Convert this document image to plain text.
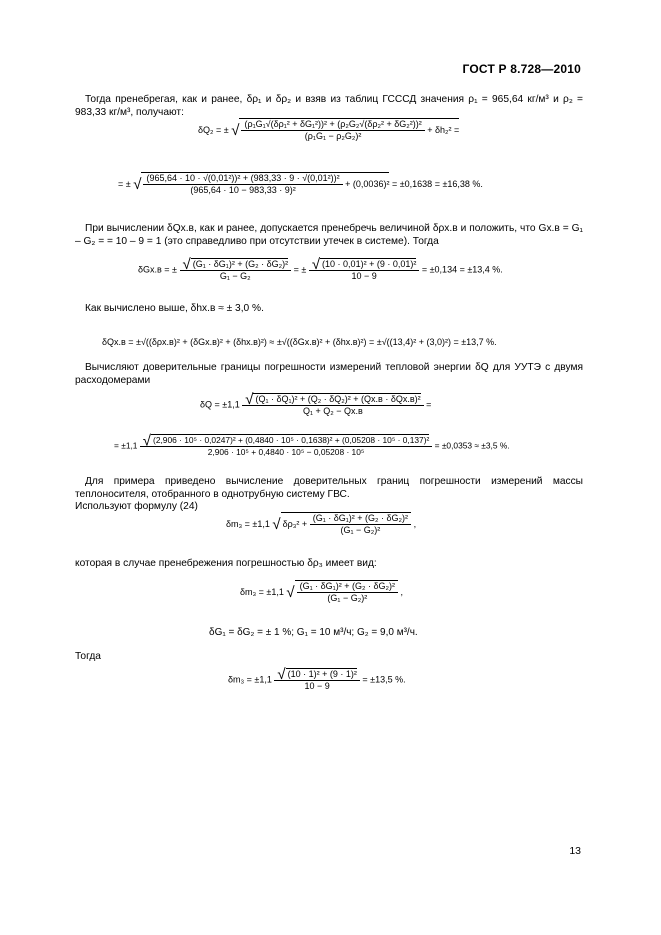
ГОСТ Р 8.728—2010

Тогда пренебрегая, как и ранее, δρ₁ и δρ₂ и взяв из таблиц ГСССД значения ρ₁ = 965,64 кг/м³ и ρ₂ = 983,33 кг/м³, получают:

δQ₂ = ± √ $\frac{\text{(ρ₁G₁√(δρ₁² + δG₁²))² + (ρ₂G₂√(δρ₂² + δG₂²))²}}{\text{(ρ₁G₁ − ρ₂G₂)²}} + \delta h_2^2$ =
= ± √ $\frac{\text{(965,64 · 10 · √(0,01²))² + (983,33 · 9 · √(0,01²))²}}{\text{(965,64 · 10 − 983,33 · 9)²}} + (0,0036)^2 = \pm 0,1638 = \pm 16,38$ %.

При вычислении δQх.в, как и ранее, допускается пренебречь величиной δρх.в и положить, что Gх.в = G₁ – G₂ = = 10 – 9 = 1 (это справедливо при отсутствии утечек в системе). Тогда

δGх.в = ± $\frac{\text{√ (G₁ · δG₁)² + (G₂ · δG₂)²}}{\text{G₁ − G₂}}$ = ± $\frac{\text{√ (10 · 0,01)² + (9 · 0,01)²}}{10 - 9} = \pm 0,134 = \pm 13,4$ %.

Как вычислено выше, δhх.в ≈ ± 3,0 %.

δQх.в = ±√((δρх.в)² + (δGх.в)² + (δhх.в)²) ≈ ±√((δGх.в)² + (δhх.в)²) = ±√((13,4)² + (3,0)²) = ±13,7 %.

Вычисляют доверительные границы погрешности измерений тепловой энергии δQ для УУТЭ с двумя расходомерами

$\delta Q = \pm 1,1 \frac{\text{√ (Q₁ · δQ₁)² + (Q₂ · δQ₂)² + (Qх.в · δQх.в)²}}{\text{Q₁ + Q₂ − Qх.в}}$ =
= ±1,1 √ (2,906 · 10⁵ · 0,0247)² + (0,4840 · 10⁵ · 0,1638)² + (0,05208 · 10⁵ · 0,137)²
2,906 · 10⁵ + 0,4840 · 10⁵ − 0,05208 · 10⁵
= ±0,0353 ≈ ±3,5 %.

Для примера приведено вычисление доверительных границ погрешности измерений массы теплоносителя, отобранного в однотрубную систему ГВС.

Используют формулу (24)

δm₃ = ±1,1 √ $\delta\rho_3^2 + \frac{\text{(G₁ · δG₁)² + (G₂ · δG₂)²}}{\text{(G₁ − G₂)²}}$ ,

которая в случае пренебрежения погрешностью δρ₃ имеет вид:

δm₃ = ±1,1 √ $\frac{\text{(G₁ · δG₁)² + (G₂ · δG₂)²}}{\text{(G₁ − G₂)²}}$ ,
δG₁ = δG₂ = ± 1 %; G₁ = 10 м³/ч; G₂ = 9,0 м³/ч.

Тогда

$\delta m_3 = \pm 1,1 \frac{\text{√ (10 · 1)² + (9 · 1)²}}{10 - 9} = \pm 13,5$ %.
13
